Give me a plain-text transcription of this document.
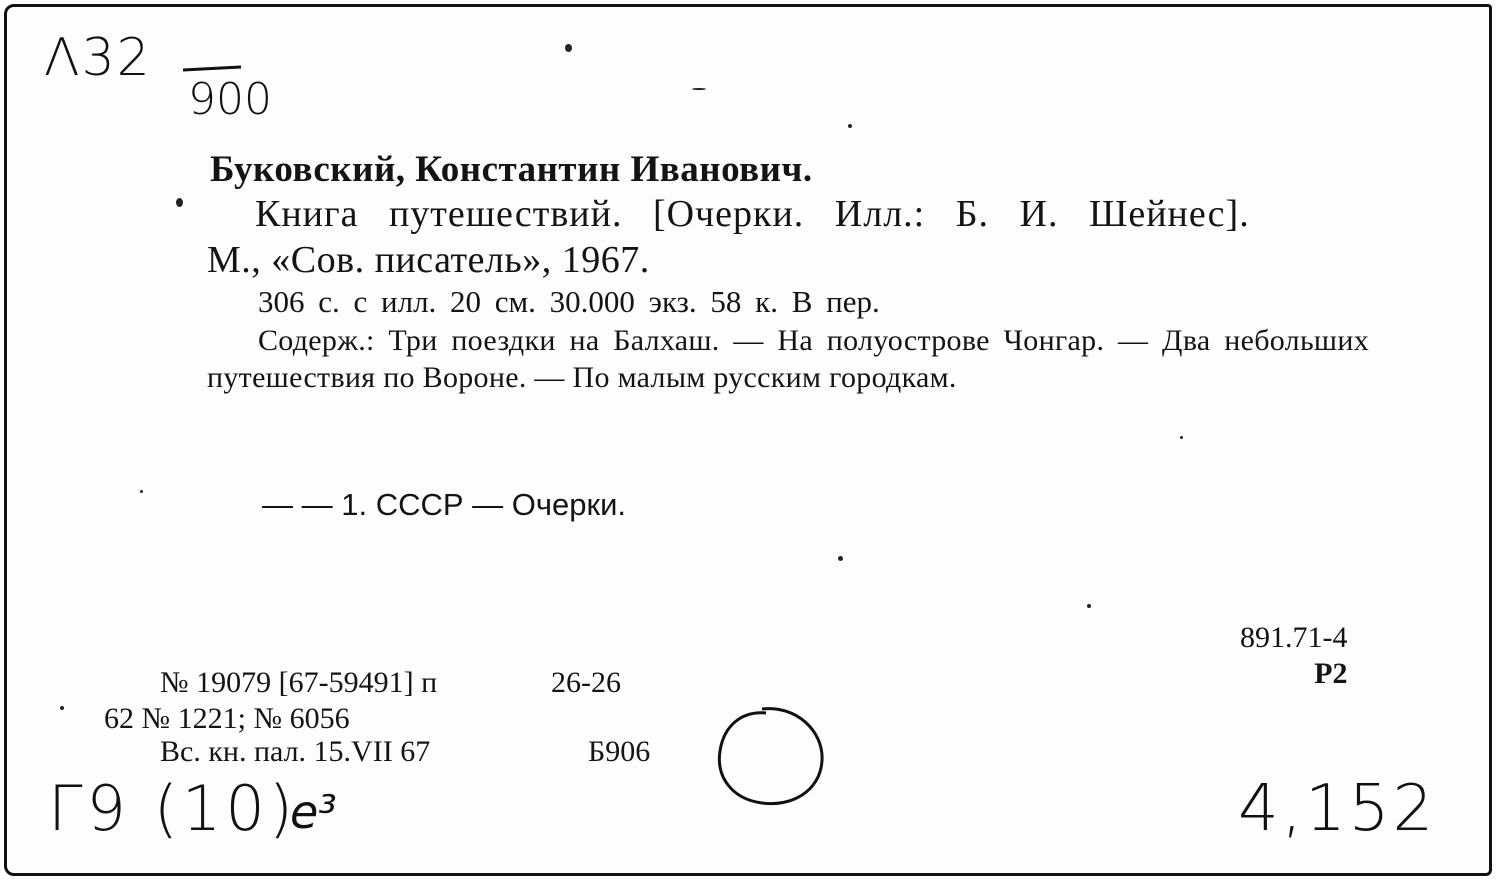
Λ32
900
Буковский, Константин Иванович.
Книга путешествий. [Очерки. Илл.: Б. И. Шейнес].
М., «Сов. писатель», 1967.
306 с. с илл. 20 см. 30.000 экз. 58 к. В пер.
Содерж.: Три поездки на Балхаш. — На полуострове Чонгар. — Два небольших путешествия по Вороне. — По малым русским городкам.
— — 1. СССР — Очерки.
891.71-4
Р2
№ 19079 [67-59491] п	26-26
62 № 1221; № 6056
Вс. кн. пал. 15.VII 67	Б906
Г9 (10)
e³	4,152
